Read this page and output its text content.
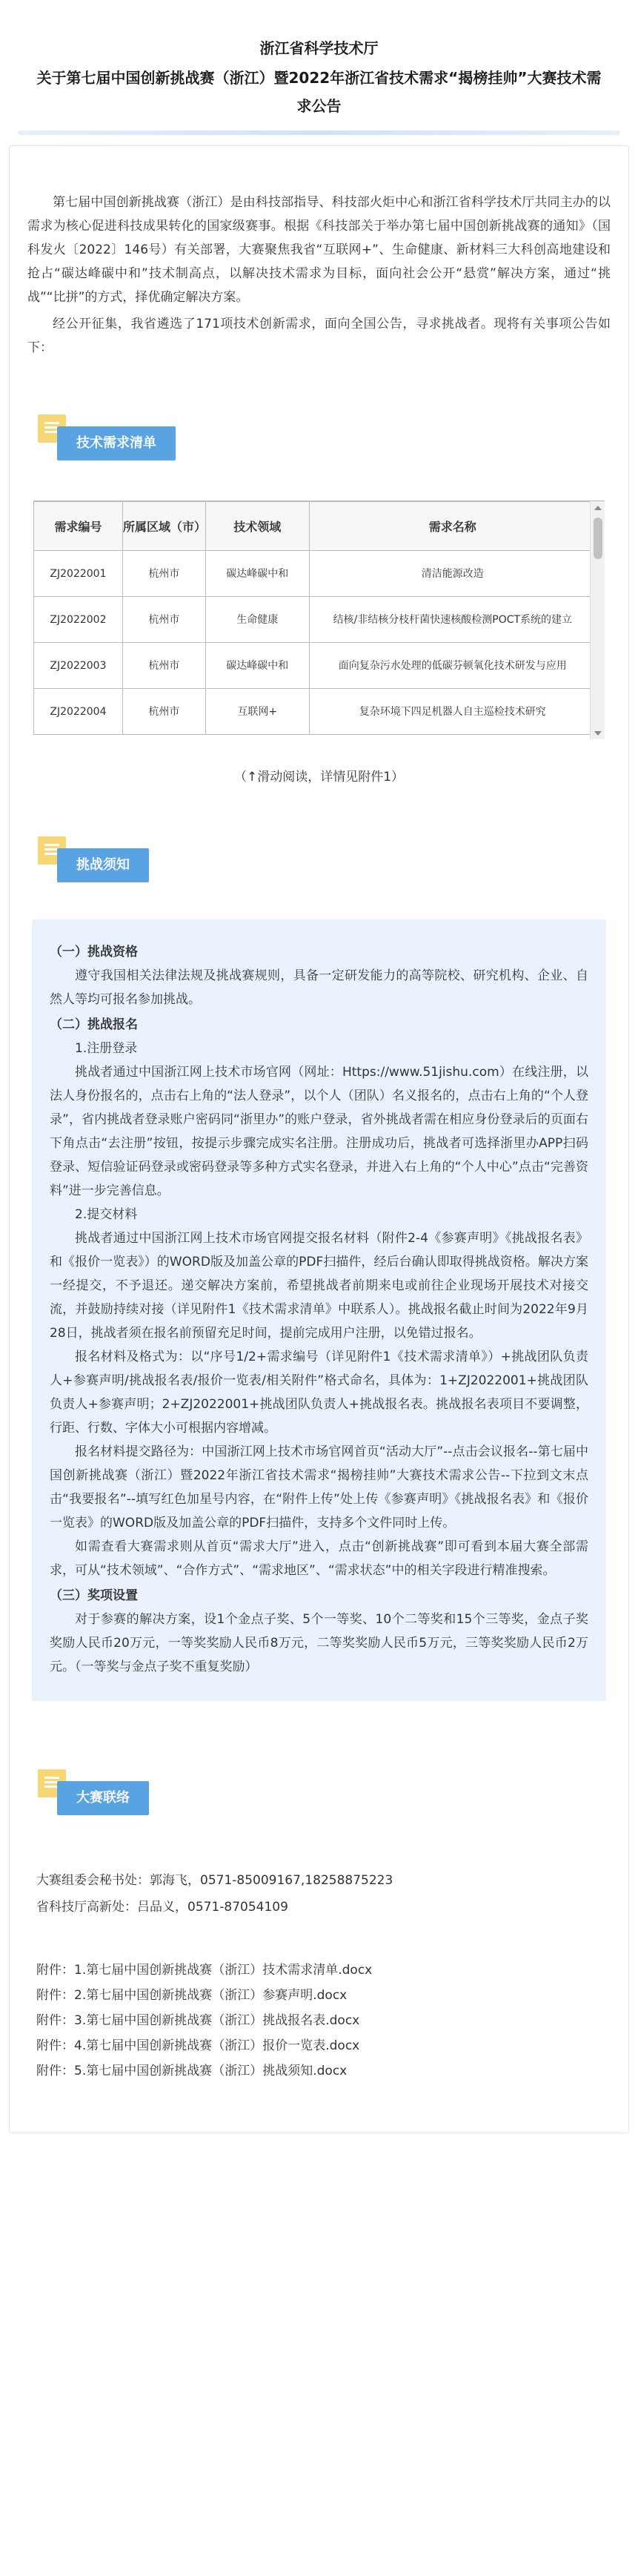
浙江省科学技术厅
关于第七届中国创新挑战赛（浙江）暨2022年浙江省技术需求“揭榜挂帅”大赛技术需求公告

第七届中国创新挑战赛（浙江）是由科技部指导、科技部火炬中心和浙江省科学技术厅共同主办的以需求为核心促进科技成果转化的国家级赛事。根据《科技部关于举办第七届中国创新挑战赛的通知》（国科发火〔2022〕146号）有关部署，大赛聚焦我省“互联网+”、生命健康、新材料三大科创高地建设和抢占“碳达峰碳中和”技术制高点，以解决技术需求为目标，面向社会公开“悬赏”解决方案，通过“挑战”“比拼”的方式，择优确定解决方案。

经公开征集，我省遴选了171项技术创新需求，面向全国公告，寻求挑战者。现将有关事项公告如下：

技术需求清单
需求编号	所属区域（市）	技术领域	需求名称
ZJ2022001	杭州市	碳达峰碳中和	清洁能源改造
ZJ2022002	杭州市	生命健康	结核/非结核分枝杆菌快速核酸检测POCT系统的建立
ZJ2022003	杭州市	碳达峰碳中和	面向复杂污水处理的低碳芬顿氧化技术研发与应用
ZJ2022004	杭州市	互联网+	复杂环境下四足机器人自主巡检技术研究
（↑滑动阅读，详情见附件1）
挑战须知
（一）挑战资格

遵守我国相关法律法规及挑战赛规则，具备一定研发能力的高等院校、研究机构、企业、自然人等均可报名参加挑战。

（二）挑战报名

1.注册登录

挑战者通过中国浙江网上技术市场官网（网址：Https://www.51jishu.com）在线注册，以法人身份报名的，点击右上角的“法人登录”，以个人（团队）名义报名的，点击右上角的“个人登录”，省内挑战者登录账户密码同“浙里办”的账户登录，省外挑战者需在相应身份登录后的页面右下角点击“去注册”按钮，按提示步骤完成实名注册。注册成功后，挑战者可选择浙里办APP扫码登录、短信验证码登录或密码登录等多种方式实名登录，并进入右上角的“个人中心”点击“完善资料”进一步完善信息。

2.提交材料

挑战者通过中国浙江网上技术市场官网提交报名材料（附件2-4《参赛声明》《挑战报名表》和《报价一览表》）的WORD版及加盖公章的PDF扫描件，经后台确认即取得挑战资格。解决方案一经提交，不予退还。递交解决方案前，希望挑战者前期来电或前往企业现场开展技术对接交流，并鼓励持续对接（详见附件1《技术需求清单》中联系人）。挑战报名截止时间为2022年9月28日，挑战者须在报名前预留充足时间，提前完成用户注册，以免错过报名。

报名材料及格式为：以“序号1/2+需求编号（详见附件1《技术需求清单》）+挑战团队负责人+参赛声明/挑战报名表/报价一览表/相关附件”格式命名，具体为：1+ZJ2022001+挑战团队负责人+参赛声明；2+ZJ2022001+挑战团队负责人+挑战报名表。挑战报名表项目不要调整，行距、行数、字体大小可根据内容增减。

报名材料提交路径为：中国浙江网上技术市场官网首页“活动大厅”--点击会议报名--第七届中国创新挑战赛（浙江）暨2022年浙江省技术需求“揭榜挂帅”大赛技术需求公告--下拉到文末点击“我要报名”--填写红色加星号内容，在“附件上传”处上传《参赛声明》《挑战报名表》和《报价一览表》的WORD版及加盖公章的PDF扫描件，支持多个文件同时上传。

如需查看大赛需求则从首页“需求大厅”进入，点击“创新挑战赛”即可看到本届大赛全部需求，可从“技术领域”、“合作方式”、“需求地区”、“需求状态”中的相关字段进行精准搜索。

（三）奖项设置

对于参赛的解决方案，设1个金点子奖、5个一等奖、10个二等奖和15个三等奖，金点子奖奖励人民币20万元，一等奖奖励人民币8万元，二等奖奖励人民币5万元，三等奖奖励人民币2万元。（一等奖与金点子奖不重复奖励）

大赛联络
大赛组委会秘书处：郭海飞，0571-85009167,18258875223
省科技厅高新处：吕品义，0571-87054109
附件：1.第七届中国创新挑战赛（浙江）技术需求清单.docx
附件：2.第七届中国创新挑战赛（浙江）参赛声明.docx
附件：3.第七届中国创新挑战赛（浙江）挑战报名表.docx
附件：4.第七届中国创新挑战赛（浙江）报价一览表.docx
附件：5.第七届中国创新挑战赛（浙江）挑战须知.docx
